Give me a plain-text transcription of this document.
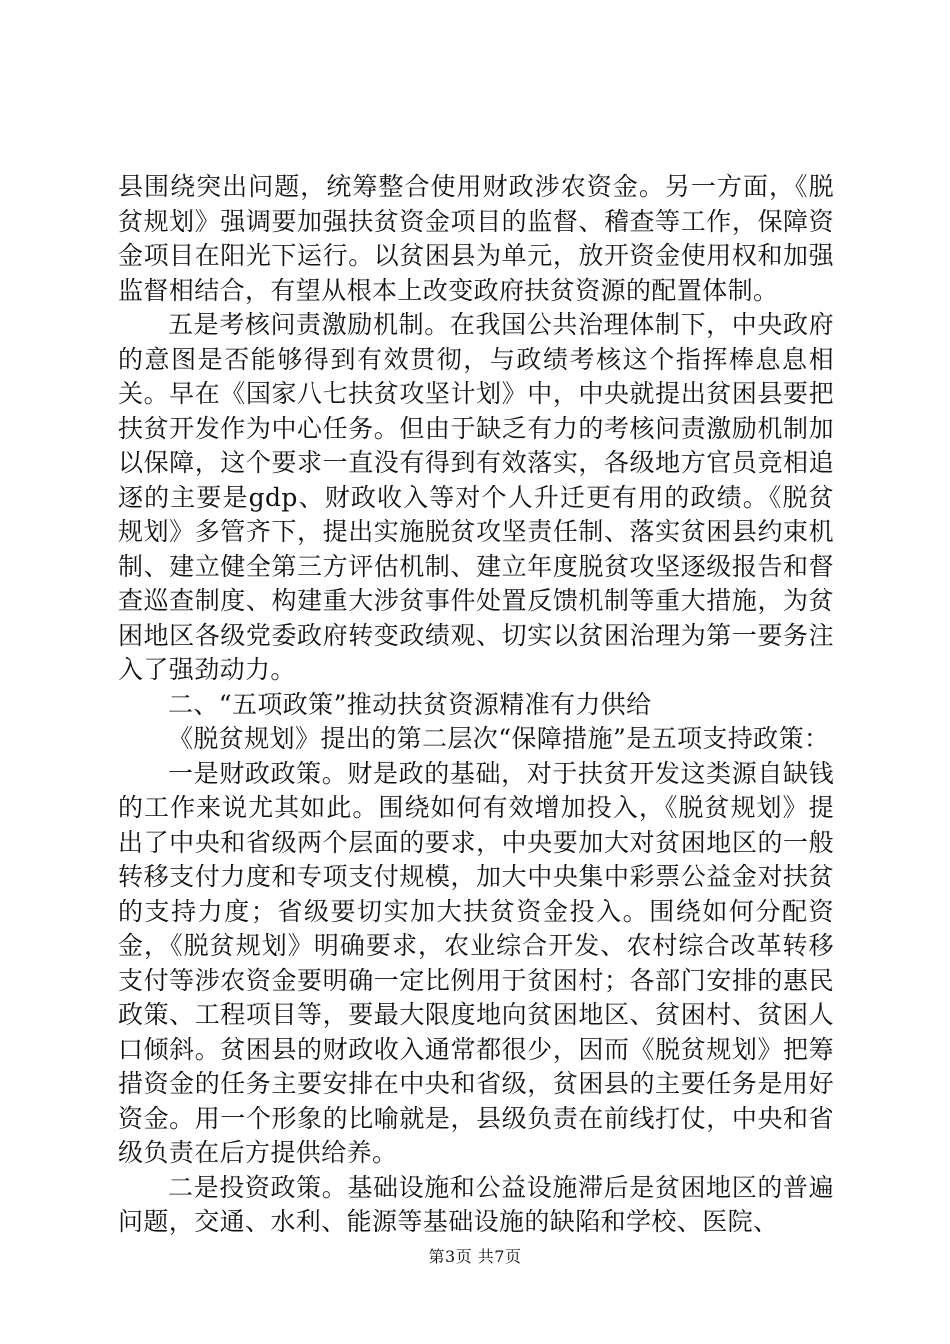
县围绕突出问题，统筹整合使用财政涉农资金。另一方面，《脱贫规划》强调要加强扶贫资金项目的监督、稽查等工作，保障资金项目在阳光下运行。以贫困县为单元，放开资金使用权和加强监督相结合，有望从根本上改变政府扶贫资源的配置体制。

五是考核问责激励机制。在我国公共治理体制下，中央政府的意图是否能够得到有效贯彻，与政绩考核这个指挥棒息息相关。早在《国家八七扶贫攻坚计划》中，中央就提出贫困县要把扶贫开发作为中心任务。但由于缺乏有力的考核问责激励机制加以保障，这个要求一直没有得到有效落实，各级地方官员竞相追逐的主要是gdp、财政收入等对个人升迁更有用的政绩。《脱贫规划》多管齐下，提出实施脱贫攻坚责任制、落实贫困县约束机制、建立健全第三方评估机制、建立年度脱贫攻坚逐级报告和督查巡查制度、构建重大涉贫事件处置反馈机制等重大措施，为贫困地区各级党委政府转变政绩观、切实以贫困治理为第一要务注入了强劲动力。

二、“五项政策”推动扶贫资源精准有力供给

《脱贫规划》提出的第二层次“保障措施”是五项支持政策：

一是财政政策。财是政的基础，对于扶贫开发这类源自缺钱的工作来说尤其如此。围绕如何有效增加投入，《脱贫规划》提出了中央和省级两个层面的要求，中央要加大对贫困地区的一般转移支付力度和专项支付规模，加大中央集中彩票公益金对扶贫的支持力度；省级要切实加大扶贫资金投入。围绕如何分配资金，《脱贫规划》明确要求，农业综合开发、农村综合改革转移支付等涉农资金要明确一定比例用于贫困村；各部门安排的惠民政策、工程项目等，要最大限度地向贫困地区、贫困村、贫困人口倾斜。贫困县的财政收入通常都很少，因而《脱贫规划》把筹措资金的任务主要安排在中央和省级，贫困县的主要任务是用好资金。用一个形象的比喻就是，县级负责在前线打仗，中央和省级负责在后方提供给养。

二是投资政策。基础设施和公益设施滞后是贫困地区的普遍问题，交通、水利、能源等基础设施的缺陷和学校、医院、

第3页 共7页
